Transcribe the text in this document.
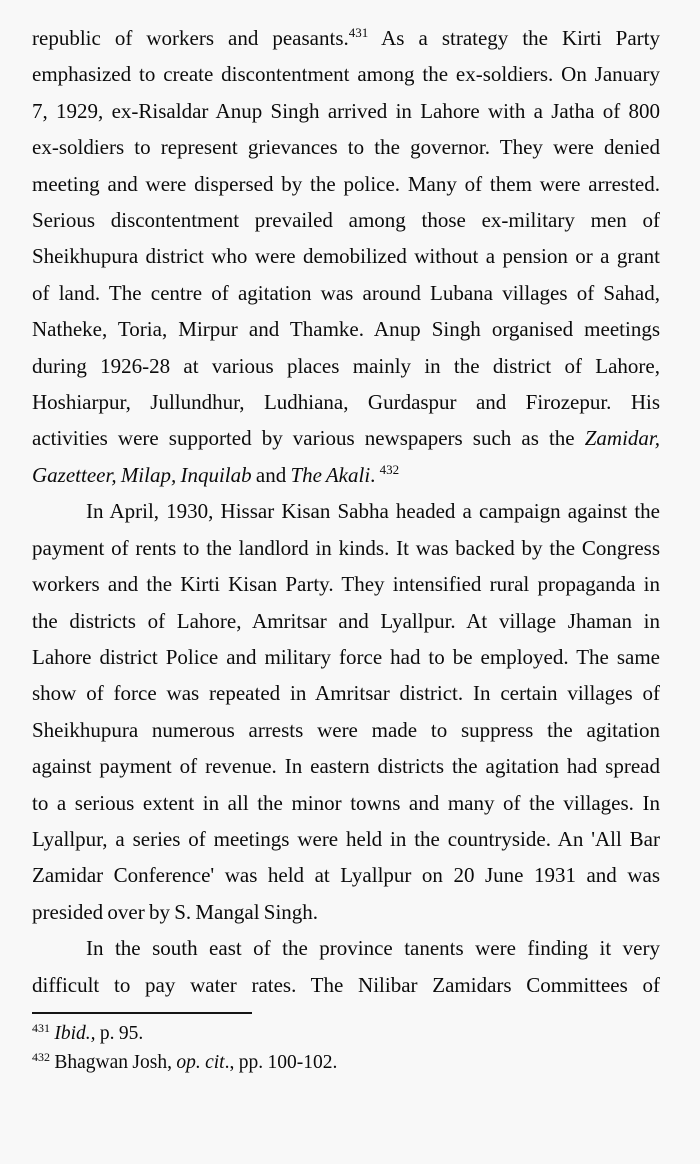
republic of workers and peasants.$^{431}$ As a strategy the Kirti Party
emphasized to create discontentment among the ex-soldiers. On January
7, 1929, ex-Risaldar Anup Singh arrived in Lahore with a Jatha of 800
ex-soldiers to represent grievances to the governor. They were denied
meeting and were dispersed by the police. Many of them were arrested.
Serious discontentment prevailed among those ex-military men of
Sheikhupura district who were demobilized without a pension or a grant
of land. The centre of agitation was around Lubana villages of Sahad,
Natheke, Toria, Mirpur and Thamke. Anup Singh organised meetings
during 1926-28 at various places mainly in the district of Lahore,
Hoshiarpur, Jullundhur, Ludhiana, Gurdaspur and Firozepur. His
activities were supported by various newspapers such as the Zamidar,
Gazetteer, Milap, Inquilab and The Akali. $^{432}$
In April, 1930, Hissar Kisan Sabha headed a campaign against the
payment of rents to the landlord in kinds. It was backed by the Congress
workers and the Kirti Kisan Party. They intensified rural propaganda in
the districts of Lahore, Amritsar and Lyallpur. At village Jhaman in
Lahore district Police and military force had to be employed. The same
show of force was repeated in Amritsar district. In certain villages of
Sheikhupura numerous arrests were made to suppress the agitation
against payment of revenue. In eastern districts the agitation had spread
to a serious extent in all the minor towns and many of the villages. In
Lyallpur, a series of meetings were held in the countryside. An 'All Bar
Zamidar Conference' was held at Lyallpur on 20 June 1931 and was
presided over by S. Mangal Singh.
In the south east of the province tanents were finding it very
difficult to pay water rates. The Nilibar Zamidars Committees of
$^{431}$ Ibid., p. 95.
$^{432}$ Bhagwan Josh, op. cit., pp. 100-102.
